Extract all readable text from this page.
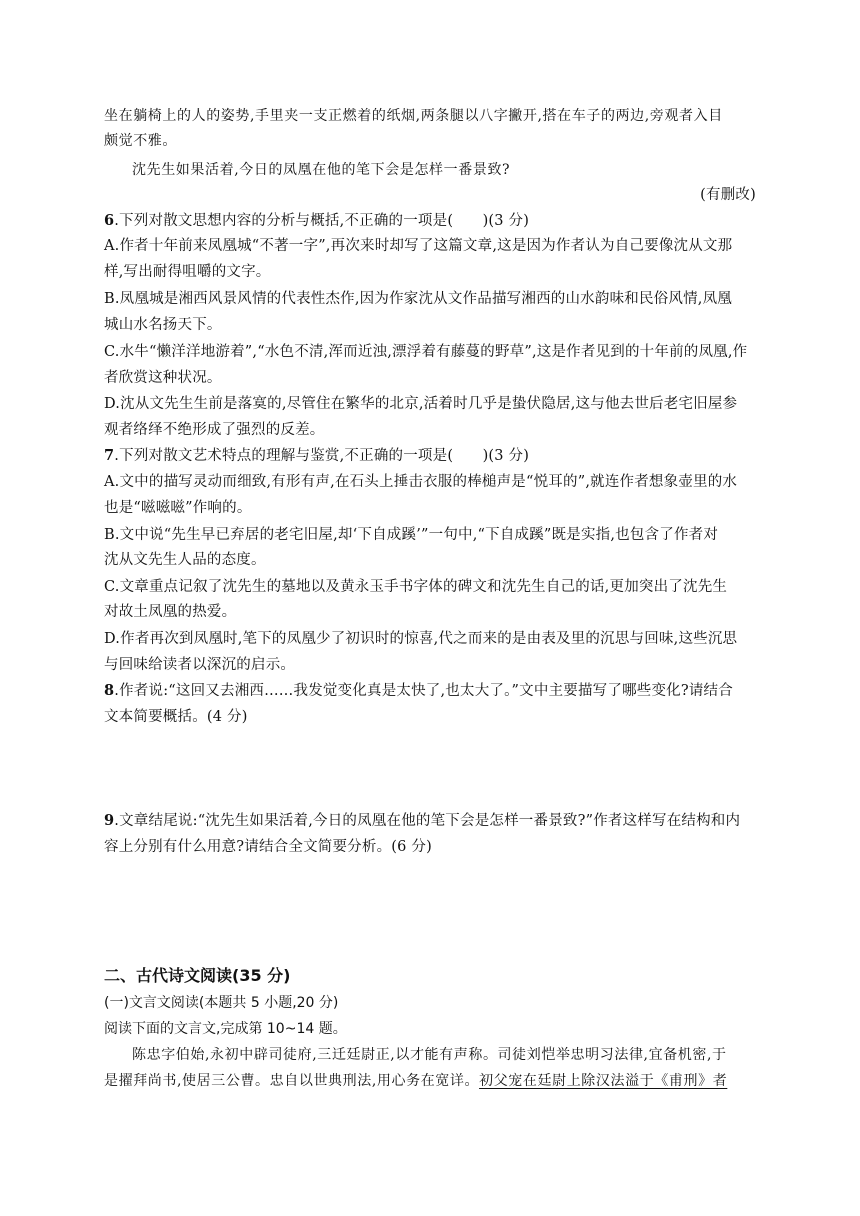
坐在躺椅上的人的姿势,手里夹一支正燃着的纸烟,两条腿以八字撇开,搭在车子的两边,旁观者入目
颇觉不雅。
沈先生如果活着,今日的凤凰在他的笔下会是怎样一番景致?
(有删改)
6.下列对散文思想内容的分析与概括,不正确的一项是(　　)(3 分)
A.作者十年前来凤凰城“不著一字”,再次来时却写了这篇文章,这是因为作者认为自己要像沈从文那
样,写出耐得咀嚼的文字。
B.凤凰城是湘西风景风情的代表性杰作,因为作家沈从文作品描写湘西的山水韵味和民俗风情,凤凰
城山水名扬天下。
C.水牛“懒洋洋地游着”,“水色不清,浑而近浊,漂浮着有藤蔓的野草”,这是作者见到的十年前的凤凰,作
者欣赏这种状况。
D.沈从文先生生前是落寞的,尽管住在繁华的北京,活着时几乎是蛰伏隐居,这与他去世后老宅旧屋参
观者络绎不绝形成了强烈的反差。
7.下列对散文艺术特点的理解与鉴赏,不正确的一项是(　　)(3 分)
A.文中的描写灵动而细致,有形有声,在石头上捶击衣服的棒槌声是“悦耳的”,就连作者想象壶里的水
也是“嗞嗞嗞”作响的。
B.文中说“先生早已弃居的老宅旧屋,却‘下自成蹊’”一句中,“下自成蹊”既是实指,也包含了作者对
沈从文先生人品的态度。
C.文章重点记叙了沈先生的墓地以及黄永玉手书字体的碑文和沈先生自己的话,更加突出了沈先生
对故土凤凰的热爱。
D.作者再次到凤凰时,笔下的凤凰少了初识时的惊喜,代之而来的是由表及里的沉思与回味,这些沉思
与回味给读者以深沉的启示。
8.作者说:“这回又去湘西……我发觉变化真是太快了,也太大了。”文中主要描写了哪些变化?请结合
文本简要概括。(4 分)
9.文章结尾说:“沈先生如果活着,今日的凤凰在他的笔下会是怎样一番景致?”作者这样写在结构和内
容上分别有什么用意?请结合全文简要分析。(6 分)
二、古代诗文阅读(35 分)
(一)文言文阅读(本题共 5 小题,20 分)
阅读下面的文言文,完成第 10~14 题。
陈忠字伯始,永初中辟司徒府,三迁廷尉正,以才能有声称。司徒刘恺举忠明习法律,宜备机密,于
是擢拜尚书,使居三公曹。忠自以世典刑法,用心务在宽详。初父宠在廷尉上除汉法溢于《甫刑》者
